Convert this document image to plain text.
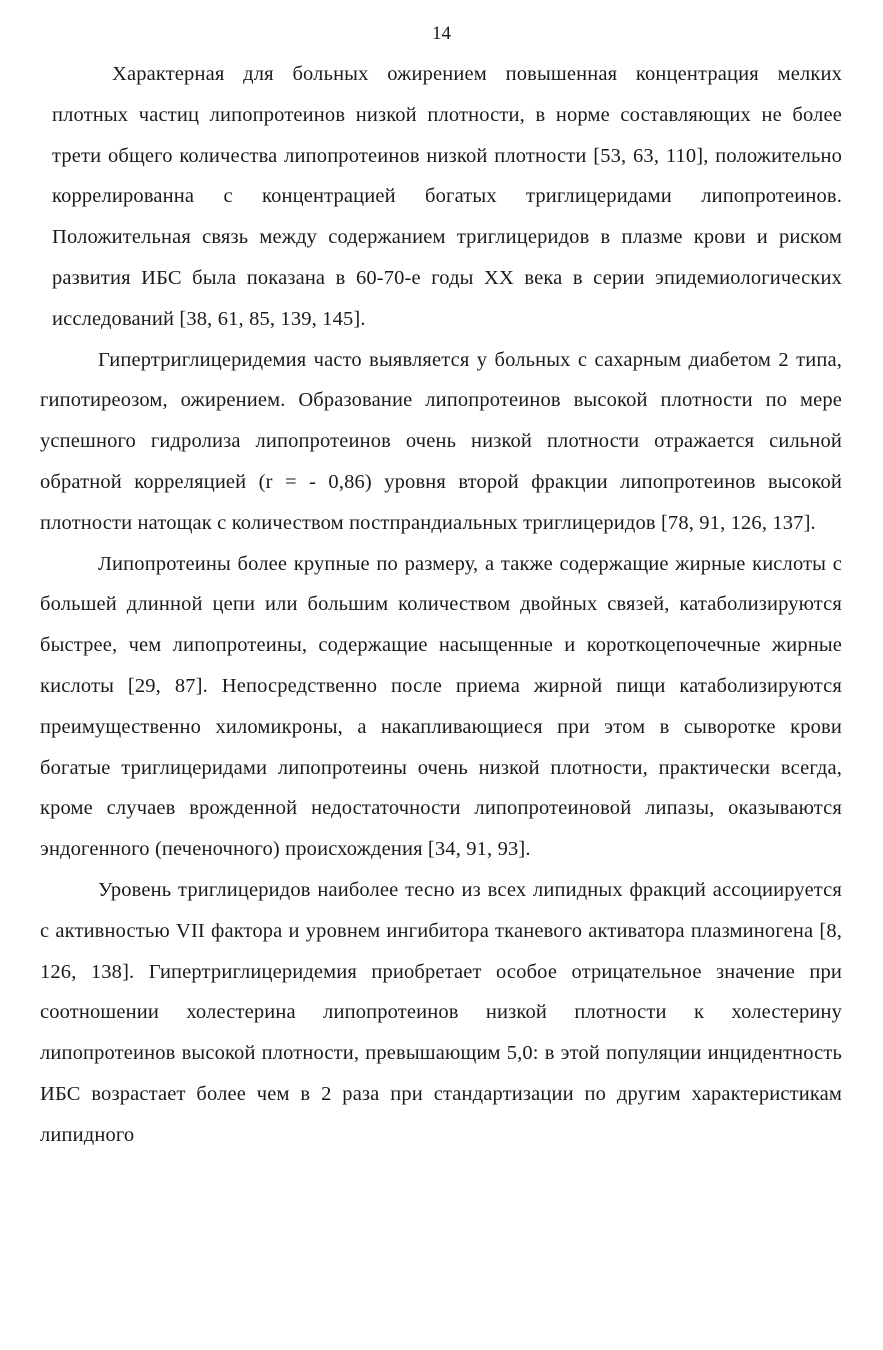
14

Характерная для больных ожирением повышенная концентрация мелких плотных частиц липопротеинов низкой плотности, в норме составляющих не более трети общего количества липопротеинов низкой плотности [53, 63, 110], положительно коррелированна с концентрацией богатых триглицеридами липопротеинов. Положительная связь между содержанием триглицеридов в плазме крови и риском развития ИБС была показана в 60-70-е годы XX века в серии эпидемиологических исследований [38, 61, 85, 139, 145].

Гипертриглицеридемия часто выявляется у больных с сахарным диабетом 2 типа, гипотиреозом, ожирением. Образование липопротеинов высокой плотности по мере успешного гидролиза липопротеинов очень низкой плотности отражается сильной обратной корреляцией (r = - 0,86) уровня второй фракции липопротеинов высокой плотности натощак с количеством постпрандиальных триглицеридов [78, 91, 126, 137].

Липопротеины более крупные по размеру, а также содержащие жирные кислоты с большей длинной цепи или большим количеством двойных связей, катаболизируются быстрее, чем липопротеины, содержащие насыщенные и короткоцепочечные жирные кислоты [29, 87]. Непосредственно после приема жирной пищи катаболизируются преимущественно хиломикроны, а накапливающиеся при этом в сыворотке крови богатые триглицеридами липопротеины очень низкой плотности, практически всегда, кроме случаев врожденной недостаточности липопротеиновой липазы, оказываются эндогенного (печеночного) происхождения [34, 91, 93].

Уровень триглицеридов наиболее тесно из всех липидных фракций ассоциируется с активностью VII фактора и уровнем ингибитора тканевого активатора плазминогена [8, 126, 138]. Гипертриглицеридемия приобретает особое отрицательное значение при соотношении холестерина липопротеинов низкой плотности к холестерину липопротеинов высокой плотности, превышающим 5,0: в этой популяции инцидентность ИБС возрастает более чем в 2 раза при стандартизации по другим характеристикам липидного
